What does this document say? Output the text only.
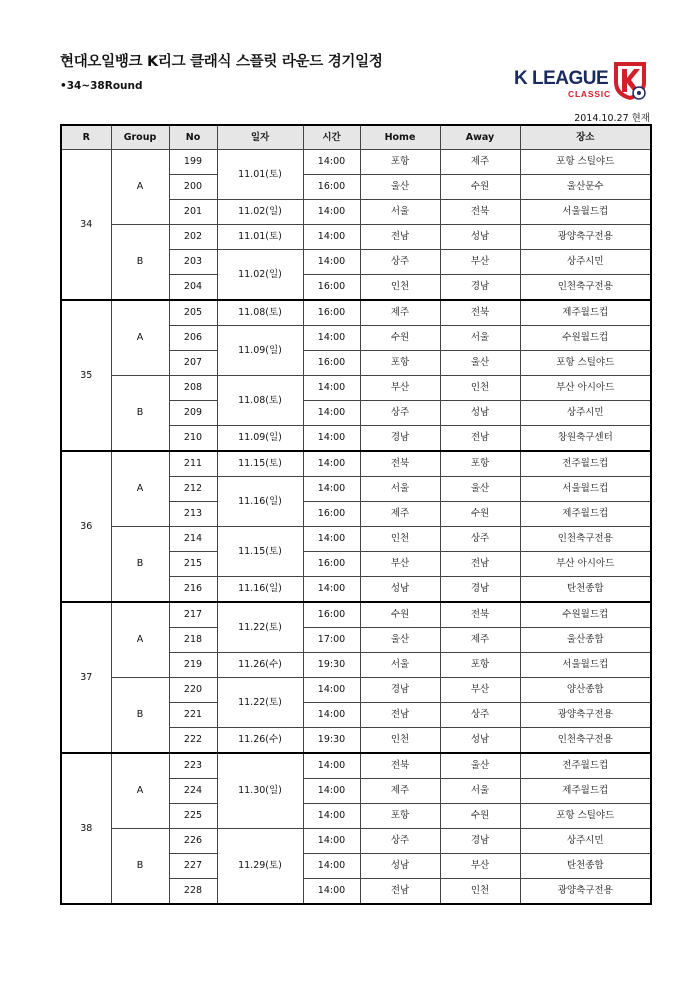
현대오일뱅크 K리그 클래식 스플릿 라운드 경기일정
•34~38Round	K LEAGUE
CLASSIC
2014.10.27 현재
R	Group	No	일자	시간	Home	Away	장소
34	A	199	11.01(토)	14:00	포항	제주	포항 스틸야드
		200		16:00	울산	수원	울산문수
		201	11.02(일)	14:00	서울	전북	서울월드컵
	B	202	11.01(토)	14:00	전남	성남	광양축구전용
		203	11.02(일)	14:00	상주	부산	상주시민
		204		16:00	인천	경남	인천축구전용
35	A	205	11.08(토)	16:00	제주	전북	제주월드컵
		206	11.09(일)	14:00	수원	서울	수원월드컵
		207		16:00	포항	울산	포항 스틸야드
	B	208	11.08(토)	14:00	부산	인천	부산 아시아드
		209		14:00	상주	성남	상주시민
		210	11.09(일)	14:00	경남	전남	창원축구센터
36	A	211	11.15(토)	14:00	전북	포항	전주월드컵
		212	11.16(일)	14:00	서울	울산	서울월드컵
		213		16:00	제주	수원	제주월드컵
	B	214	11.15(토)	14:00	인천	상주	인천축구전용
		215		16:00	부산	전남	부산 아시아드
		216	11.16(일)	14:00	성남	경남	탄천종합
37	A	217	11.22(토)	16:00	수원	전북	수원월드컵
		218		17:00	울산	제주	울산종합
		219	11.26(수)	19:30	서울	포항	서울월드컵
	B	220	11.22(토)	14:00	경남	부산	양산종합
		221		14:00	전남	상주	광양축구전용
		222	11.26(수)	19:30	인천	성남	인천축구전용
38	A	223	11.30(일)	14:00	전북	울산	전주월드컵
		224		14:00	제주	서울	제주월드컵
		225		14:00	포항	수원	포항 스틸야드
	B	226	11.29(토)	14:00	상주	경남	상주시민
		227		14:00	성남	부산	탄천종합
		228		14:00	전남	인천	광양축구전용
